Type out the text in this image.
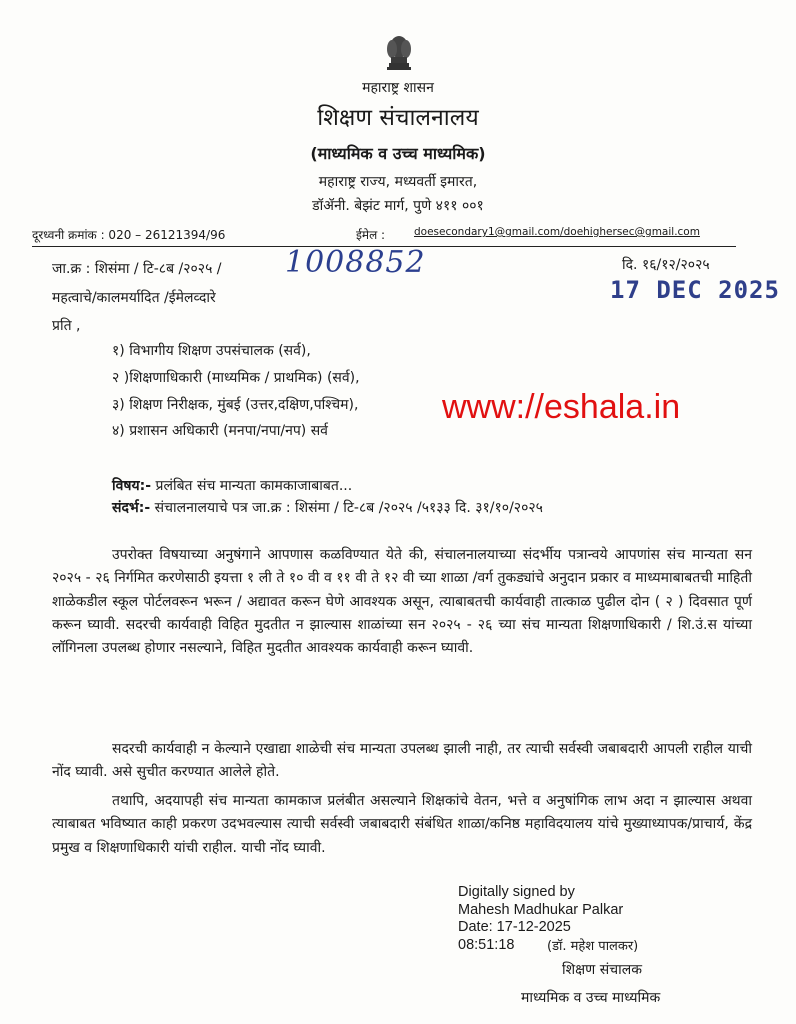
महाराष्ट्र शासन
शिक्षण संचालनालय
(माध्यमिक व उच्च माध्यमिक)
महाराष्ट्र राज्य, मध्यवर्ती इमारत,
डॉ‍ॲनी. बेझंट मार्ग, पुणे ४११ ००१
दूरध्वनी क्रमांक : 020 – 26121394/96	ईमेल :	doesecondary1@gmail.com/doehighersec@gmail.com
जा.क्र : शिसंमा / टि-८ब /२०२५ / 1008852	दि. १६/१२/२०२५
17 DEC 2025
महत्वाचे/कालमर्यादित /ईमेलव्दारे
प्रति ,
१) विभागीय शिक्षण उपसंचालक (सर्व),
२ )शिक्षणाधिकारी (माध्यमिक / प्राथमिक) (सर्व),
३) शिक्षण निरीक्षक, मुंबई (उत्तर,दक्षिण,पश्चिम),
४) प्रशासन अधिकारी (मनपा/नपा/नप) सर्व
www://eshala.in
विषय:- प्रलंबित संच मान्यता कामकाजाबाबत...
संदर्भ:- संचालनालयाचे पत्र जा.क्र : शिसंमा / टि-८ब /२०२५ /५१३३ दि. ३१/१०/२०२५
उपरोक्त विषयाच्या अनुषंगाने आपणास कळविण्यात येते की, संचालनालयाच्या संदर्भीय पत्रान्वये आपणांस संच मान्यता सन २०२५ - २६ निर्गमित करणेसाठी इयत्ता १ ली ते १० वी व ११ वी ते १२ वी च्या शाळा /वर्ग तुकड्यांचे अनुदान प्रकार व माध्यमाबाबतची माहिती शाळेकडील स्कूल पोर्टलवरून भरून / अद्यावत करून घेणे आवश्यक असून, त्याबाबतची कार्यवाही तात्काळ पुढील दोन ( २ ) दिवसात पूर्ण करून घ्यावी. सदरची कार्यवाही विहित मुदतीत न झाल्यास शाळांच्या सन २०२५ - २६ च्या संच मान्यता शिक्षणाधिकारी / शि.उं.स यांच्या लॉगिनला उपलब्ध होणार नसल्याने, विहित मुदतीत आवश्यक कार्यवाही करून घ्यावी.
सदरची कार्यवाही न केल्याने एखाद्या शाळेची संच मान्यता उपलब्ध झाली नाही, तर त्याची सर्वस्वी जबाबदारी आपली राहील याची नोंद घ्यावी. असे सुचीत करण्यात आलेले होते.
तथापि, अदयापही संच मान्यता कामकाज प्रलंबीत असल्याने शिक्षकांचे वेतन, भत्ते व अनुषांगिक लाभ अदा न झाल्यास अथवा त्याबाबत भविष्यात काही प्रकरण उदभवल्यास त्याची सर्वस्वी जबाबदारी संबंधित शाळा/कनिष्ठ महाविदयालय यांचे मुख्याध्यापक/प्राचार्य, केंद्र प्रमुख व शिक्षणाधिकारी यांची राहील. याची नोंद घ्यावी.
Digitally signed by
Mahesh Madhukar Palkar
Date: 17-12-2025
08:51:18	(डॉ. महेश पालकर)
शिक्षण संचालक
माध्यमिक व उच्च माध्यमिक
